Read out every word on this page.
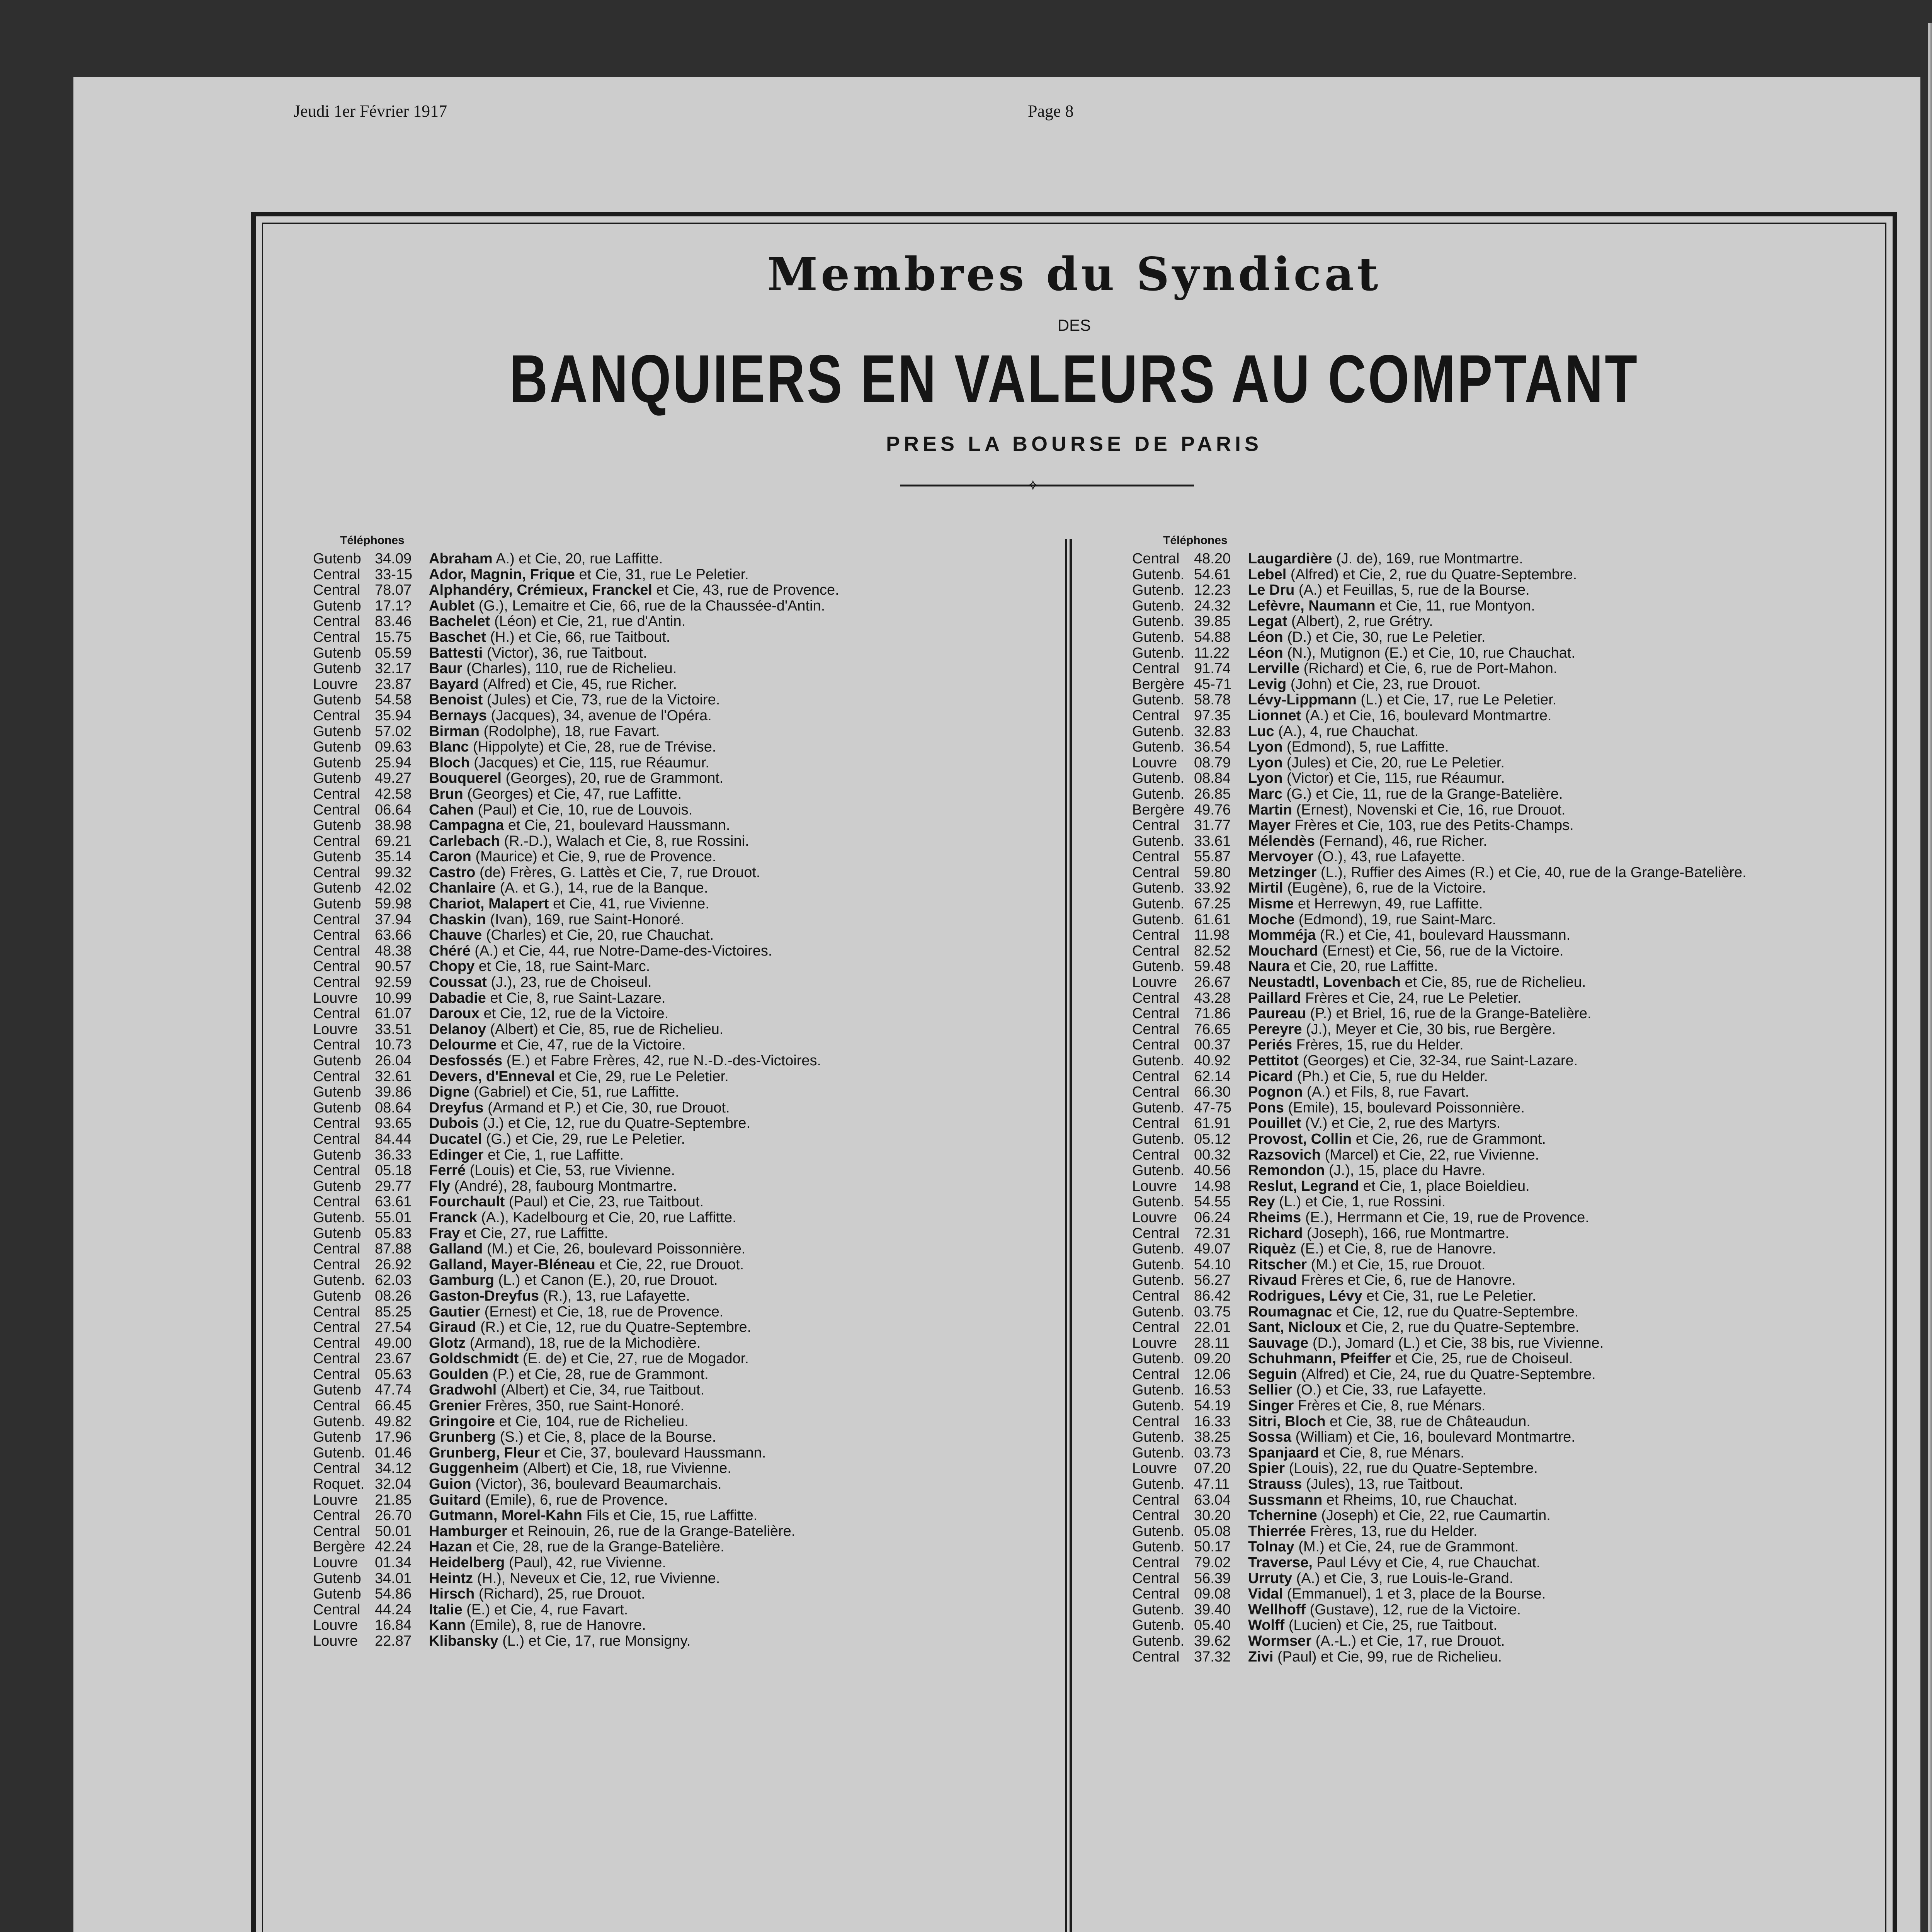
Jeudi 1er Février 1917	Page 8
Membres du Syndicat
DES
BANQUIERS EN VALEURS AU COMPTANT
PRES LA BOURSE DE PARIS
⟡
Téléphones	Téléphones
Gutenb 34.09 Abraham A.) et Cie, 20, rue Laffitte.
Central 33-15 Ador, Magnin, Frique et Cie, 31, rue Le Peletier.
Central 78.07 Alphandéry, Crémieux, Franckel et Cie, 43, rue de Provence.
Gutenb 17.1? Aublet (G.), Lemaitre et Cie, 66, rue de la Chaussée-d'Antin.
Central 83.46 Bachelet (Léon) et Cie, 21, rue d'Antin.
Central 15.75 Baschet (H.) et Cie, 66, rue Taitbout.
Gutenb 05.59 Battesti (Victor), 36, rue Taitbout.
Gutenb 32.17 Baur (Charles), 110, rue de Richelieu.
Louvre 23.87 Bayard (Alfred) et Cie, 45, rue Richer.
Gutenb 54.58 Benoist (Jules) et Cie, 73, rue de la Victoire.
Central 35.94 Bernays (Jacques), 34, avenue de l'Opéra.
Gutenb 57.02 Birman (Rodolphe), 18, rue Favart.
Gutenb 09.63 Blanc (Hippolyte) et Cie, 28, rue de Trévise.
Gutenb 25.94 Bloch (Jacques) et Cie, 115, rue Réaumur.
Gutenb 49.27 Bouquerel (Georges), 20, rue de Grammont.
Central 42.58 Brun (Georges) et Cie, 47, rue Laffitte.
Central 06.64 Cahen (Paul) et Cie, 10, rue de Louvois.
Gutenb 38.98 Campagna et Cie, 21, boulevard Haussmann.
Central 69.21 Carlebach (R.-D.), Walach et Cie, 8, rue Rossini.
Gutenb 35.14 Caron (Maurice) et Cie, 9, rue de Provence.
Central 99.32 Castro (de) Frères, G. Lattès et Cie, 7, rue Drouot.
Gutenb 42.02 Chanlaire (A. et G.), 14, rue de la Banque.
Gutenb 59.98 Chariot, Malapert et Cie, 41, rue Vivienne.
Central 37.94 Chaskin (Ivan), 169, rue Saint-Honoré.
Central 63.66 Chauve (Charles) et Cie, 20, rue Chauchat.
Central 48.38 Chéré (A.) et Cie, 44, rue Notre-Dame-des-Victoires.
Central 90.57 Chopy et Cie, 18, rue Saint-Marc.
Central 92.59 Coussat (J.), 23, rue de Choiseul.
Louvre 10.99 Dabadie et Cie, 8, rue Saint-Lazare.
Central 61.07 Daroux et Cie, 12, rue de la Victoire.
Louvre 33.51 Delanoy (Albert) et Cie, 85, rue de Richelieu.
Central 10.73 Delourme et Cie, 47, rue de la Victoire.
Gutenb 26.04 Desfossés (E.) et Fabre Frères, 42, rue N.-D.-des-Victoires.
Central 32.61 Devers, d'Enneval et Cie, 29, rue Le Peletier.
Gutenb 39.86 Digne (Gabriel) et Cie, 51, rue Laffitte.
Gutenb 08.64 Dreyfus (Armand et P.) et Cie, 30, rue Drouot.
Central 93.65 Dubois (J.) et Cie, 12, rue du Quatre-Septembre.
Central 84.44 Ducatel (G.) et Cie, 29, rue Le Peletier.
Gutenb 36.33 Edinger et Cie, 1, rue Laffitte.
Central 05.18 Ferré (Louis) et Cie, 53, rue Vivienne.
Gutenb 29.77 Fly (André), 28, faubourg Montmartre.
Central 63.61 Fourchault (Paul) et Cie, 23, rue Taitbout.
Gutenb. 55.01 Franck (A.), Kadelbourg et Cie, 20, rue Laffitte.
Gutenb 05.83 Fray et Cie, 27, rue Laffitte.
Central 87.88 Galland (M.) et Cie, 26, boulevard Poissonnière.
Central 26.92 Galland, Mayer-Bléneau et Cie, 22, rue Drouot.
Gutenb. 62.03 Gamburg (L.) et Canon (E.), 20, rue Drouot.
Gutenb 08.26 Gaston-Dreyfus (R.), 13, rue Lafayette.
Central 85.25 Gautier (Ernest) et Cie, 18, rue de Provence.
Central 27.54 Giraud (R.) et Cie, 12, rue du Quatre-Septembre.
Central 49.00 Glotz (Armand), 18, rue de la Michodière.
Central 23.67 Goldschmidt (E. de) et Cie, 27, rue de Mogador.
Central 05.63 Goulden (P.) et Cie, 28, rue de Grammont.
Gutenb 47.74 Gradwohl (Albert) et Cie, 34, rue Taitbout.
Central 66.45 Grenier Frères, 350, rue Saint-Honoré.
Gutenb. 49.82 Gringoire et Cie, 104, rue de Richelieu.
Gutenb 17.96 Grunberg (S.) et Cie, 8, place de la Bourse.
Gutenb. 01.46 Grunberg, Fleur et Cie, 37, boulevard Haussmann.
Central 34.12 Guggenheim (Albert) et Cie, 18, rue Vivienne.
Roquet. 32.04 Guion (Victor), 36, boulevard Beaumarchais.
Louvre 21.85 Guitard (Emile), 6, rue de Provence.
Central 26.70 Gutmann, Morel-Kahn Fils et Cie, 15, rue Laffitte.
Central 50.01 Hamburger et Reinouin, 26, rue de la Grange-Batelière.
Bergère 42.24 Hazan et Cie, 28, rue de la Grange-Batelière.
Louvre 01.34 Heidelberg (Paul), 42, rue Vivienne.
Gutenb 34.01 Heintz (H.), Neveux et Cie, 12, rue Vivienne.
Gutenb 54.86 Hirsch (Richard), 25, rue Drouot.
Central 44.24 Italie (E.) et Cie, 4, rue Favart.
Louvre 16.84 Kann (Emile), 8, rue de Hanovre.
Louvre 22.87 Klibansky (L.) et Cie, 17, rue Monsigny.
Central 48.20 Laugardière (J. de), 169, rue Montmartre.
Gutenb. 54.61 Lebel (Alfred) et Cie, 2, rue du Quatre-Septembre.
Gutenb. 12.23 Le Dru (A.) et Feuillas, 5, rue de la Bourse.
Gutenb. 24.32 Lefèvre, Naumann et Cie, 11, rue Montyon.
Gutenb. 39.85 Legat (Albert), 2, rue Grétry.
Gutenb. 54.88 Léon (D.) et Cie, 30, rue Le Peletier.
Gutenb. 11.22 Léon (N.), Mutignon (E.) et Cie, 10, rue Chauchat.
Central 91.74 Lerville (Richard) et Cie, 6, rue de Port-Mahon.
Bergère 45-71 Levig (John) et Cie, 23, rue Drouot.
Gutenb. 58.78 Lévy-Lippmann (L.) et Cie, 17, rue Le Peletier.
Central 97.35 Lionnet (A.) et Cie, 16, boulevard Montmartre.
Gutenb. 32.83 Luc (A.), 4, rue Chauchat.
Gutenb. 36.54 Lyon (Edmond), 5, rue Laffitte.
Louvre 08.79 Lyon (Jules) et Cie, 20, rue Le Peletier.
Gutenb. 08.84 Lyon (Victor) et Cie, 115, rue Réaumur.
Gutenb. 26.85 Marc (G.) et Cie, 11, rue de la Grange-Batelière.
Bergère 49.76 Martin (Ernest), Novenski et Cie, 16, rue Drouot.
Central 31.77 Mayer Frères et Cie, 103, rue des Petits-Champs.
Gutenb. 33.61 Mélendès (Fernand), 46, rue Richer.
Central 55.87 Mervoyer (O.), 43, rue Lafayette.
Central 59.80 Metzinger (L.), Ruffier des Aimes (R.) et Cie, 40, rue de la Grange-Batelière.
Gutenb. 33.92 Mirtil (Eugène), 6, rue de la Victoire.
Gutenb. 67.25 Misme et Herrewyn, 49, rue Laffitte.
Gutenb. 61.61 Moche (Edmond), 19, rue Saint-Marc.
Central 11.98 Momméja (R.) et Cie, 41, boulevard Haussmann.
Central 82.52 Mouchard (Ernest) et Cie, 56, rue de la Victoire.
Gutenb. 59.48 Naura et Cie, 20, rue Laffitte.
Louvre 26.67 Neustadtl, Lovenbach et Cie, 85, rue de Richelieu.
Central 43.28 Paillard Frères et Cie, 24, rue Le Peletier.
Central 71.86 Paureau (P.) et Briel, 16, rue de la Grange-Batelière.
Central 76.65 Pereyre (J.), Meyer et Cie, 30 bis, rue Bergère.
Central 00.37 Periés Frères, 15, rue du Helder.
Gutenb. 40.92 Pettitot (Georges) et Cie, 32-34, rue Saint-Lazare.
Central 62.14 Picard (Ph.) et Cie, 5, rue du Helder.
Central 66.30 Pognon (A.) et Fils, 8, rue Favart.
Gutenb. 47-75 Pons (Emile), 15, boulevard Poissonnière.
Central 61.91 Pouillet (V.) et Cie, 2, rue des Martyrs.
Gutenb. 05.12 Provost, Collin et Cie, 26, rue de Grammont.
Central 00.32 Razsovich (Marcel) et Cie, 22, rue Vivienne.
Gutenb. 40.56 Remondon (J.), 15, place du Havre.
Louvre 14.98 Reslut, Legrand et Cie, 1, place Boieldieu.
Gutenb. 54.55 Rey (L.) et Cie, 1, rue Rossini.
Louvre 06.24 Rheims (E.), Herrmann et Cie, 19, rue de Provence.
Central 72.31 Richard (Joseph), 166, rue Montmartre.
Gutenb. 49.07 Riquèz (E.) et Cie, 8, rue de Hanovre.
Gutenb. 54.10 Ritscher (M.) et Cie, 15, rue Drouot.
Gutenb. 56.27 Rivaud Frères et Cie, 6, rue de Hanovre.
Central 86.42 Rodrigues, Lévy et Cie, 31, rue Le Peletier.
Gutenb. 03.75 Roumagnac et Cie, 12, rue du Quatre-Septembre.
Central 22.01 Sant, Nicloux et Cie, 2, rue du Quatre-Septembre.
Louvre 28.11 Sauvage (D.), Jomard (L.) et Cie, 38 bis, rue Vivienne.
Gutenb. 09.20 Schuhmann, Pfeiffer et Cie, 25, rue de Choiseul.
Central 12.06 Seguin (Alfred) et Cie, 24, rue du Quatre-Septembre.
Gutenb. 16.53 Sellier (O.) et Cie, 33, rue Lafayette.
Gutenb. 54.19 Singer Frères et Cie, 8, rue Ménars.
Central 16.33 Sitri, Bloch et Cie, 38, rue de Châteaudun.
Gutenb. 38.25 Sossa (William) et Cie, 16, boulevard Montmartre.
Gutenb. 03.73 Spanjaard et Cie, 8, rue Ménars.
Louvre 07.20 Spier (Louis), 22, rue du Quatre-Septembre.
Gutenb. 47.11 Strauss (Jules), 13, rue Taitbout.
Central 63.04 Sussmann et Rheims, 10, rue Chauchat.
Central 30.20 Tchernine (Joseph) et Cie, 22, rue Caumartin.
Gutenb. 05.08 Thierrée Frères, 13, rue du Helder.
Gutenb. 50.17 Tolnay (M.) et Cie, 24, rue de Grammont.
Central 79.02 Traverse, Paul Lévy et Cie, 4, rue Chauchat.
Central 56.39 Urruty (A.) et Cie, 3, rue Louis-le-Grand.
Central 09.08 Vidal (Emmanuel), 1 et 3, place de la Bourse.
Gutenb. 39.40 Wellhoff (Gustave), 12, rue de la Victoire.
Gutenb. 05.40 Wolff (Lucien) et Cie, 25, rue Taitbout.
Gutenb. 39.62 Wormser (A.-L.) et Cie, 17, rue Drouot.
Central 37.32 Zivi (Paul) et Cie, 99, rue de Richelieu.
